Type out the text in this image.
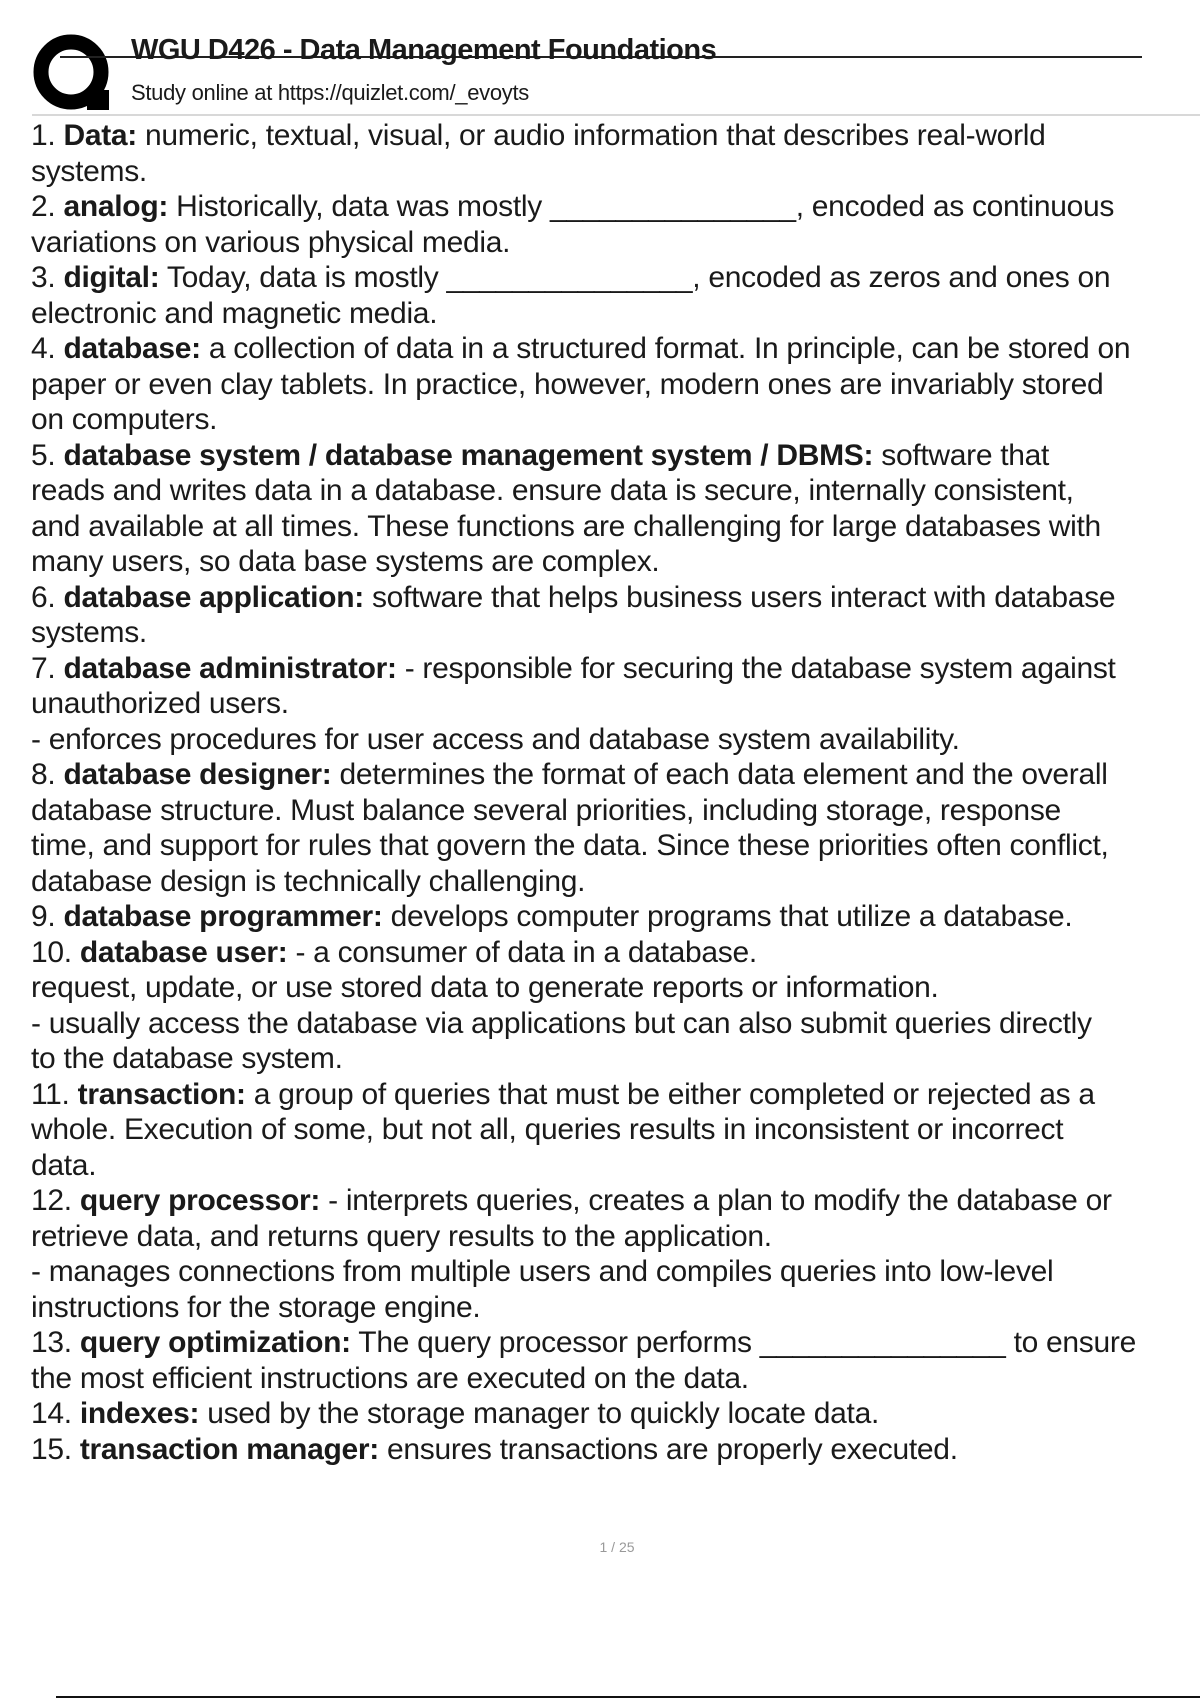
WGU D426 - Data Management Foundations
Study online at https://quizlet.com/_evoyts
1. Data: numeric, textual, visual, or audio information that describes real-world
systems.
2. analog: Historically, data was mostly _______________, encoded as continuous
variations on various physical media.
3. digital: Today, data is mostly _______________, encoded as zeros and ones on
electronic and magnetic media.
4. database: a collection of data in a structured format. In principle, can be stored on
paper or even clay tablets. In practice, however, modern ones are invariably stored
on computers.
5. database system / database management system / DBMS: software that
reads and writes data in a database. ensure data is secure, internally consistent,
and available at all times. These functions are challenging for large databases with
many users, so data base systems are complex.
6. database application: software that helps business users interact with database
systems.
7. database administrator: - responsible for securing the database system against
unauthorized users.
- enforces procedures for user access and database system availability.
8. database designer: determines the format of each data element and the overall
database structure. Must balance several priorities, including storage, response
time, and support for rules that govern the data. Since these priorities often conflict,
database design is technically challenging.
9. database programmer: develops computer programs that utilize a database.
10. database user: - a consumer of data in a database.
request, update, or use stored data to generate reports or information.
- usually access the database via applications but can also submit queries directly
to the database system.
11. transaction: a group of queries that must be either completed or rejected as a
whole. Execution of some, but not all, queries results in inconsistent or incorrect
data.
12. query processor: - interprets queries, creates a plan to modify the database or
retrieve data, and returns query results to the application.
- manages connections from multiple users and compiles queries into low-level
instructions for the storage engine.
13. query optimization: The query processor performs _______________ to ensure
the most efficient instructions are executed on the data.
14. indexes: used by the storage manager to quickly locate data.
15. transaction manager: ensures transactions are properly executed.
1 / 25
